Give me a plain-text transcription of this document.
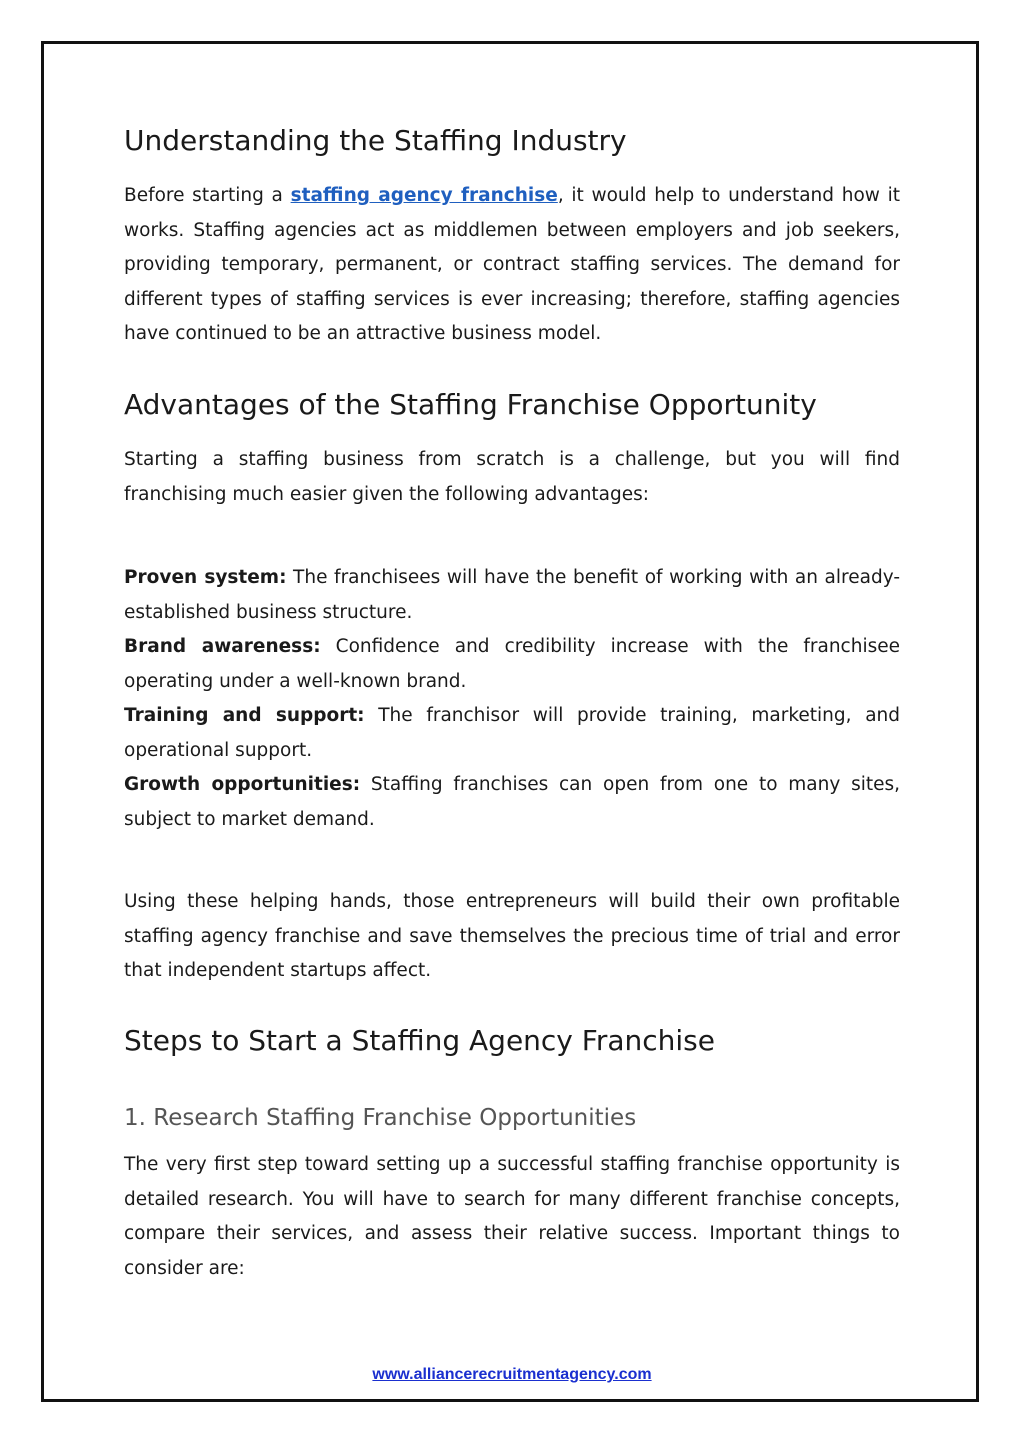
Understanding the Staffing Industry

Before starting a staffing agency franchise, it would help to understand how it works. Staffing agencies act as middlemen between employers and job seekers, providing temporary, permanent, or contract staffing services. The demand for different types of staffing services is ever increasing; therefore, staffing agencies have continued to be an attractive business model.

Advantages of the Staffing Franchise Opportunity

Starting a staffing business from scratch is a challenge, but you will find franchising much easier given the following advantages:

Proven system: The franchisees will have the benefit of working with an already-established business structure.

Brand awareness: Confidence and credibility increase with the franchisee operating under a well-known brand.

Training and support: The franchisor will provide training, marketing, and operational support.

Growth opportunities: Staffing franchises can open from one to many sites, subject to market demand.

Using these helping hands, those entrepreneurs will build their own profitable staffing agency franchise and save themselves the precious time of trial and error that independent startups affect.

Steps to Start a Staffing Agency Franchise
1. Research Staffing Franchise Opportunities

The very first step toward setting up a successful staffing franchise opportunity is detailed research. You will have to search for many different franchise concepts, compare their services, and assess their relative success. Important things to consider are:

www.alliancerecruitmentagency.com
